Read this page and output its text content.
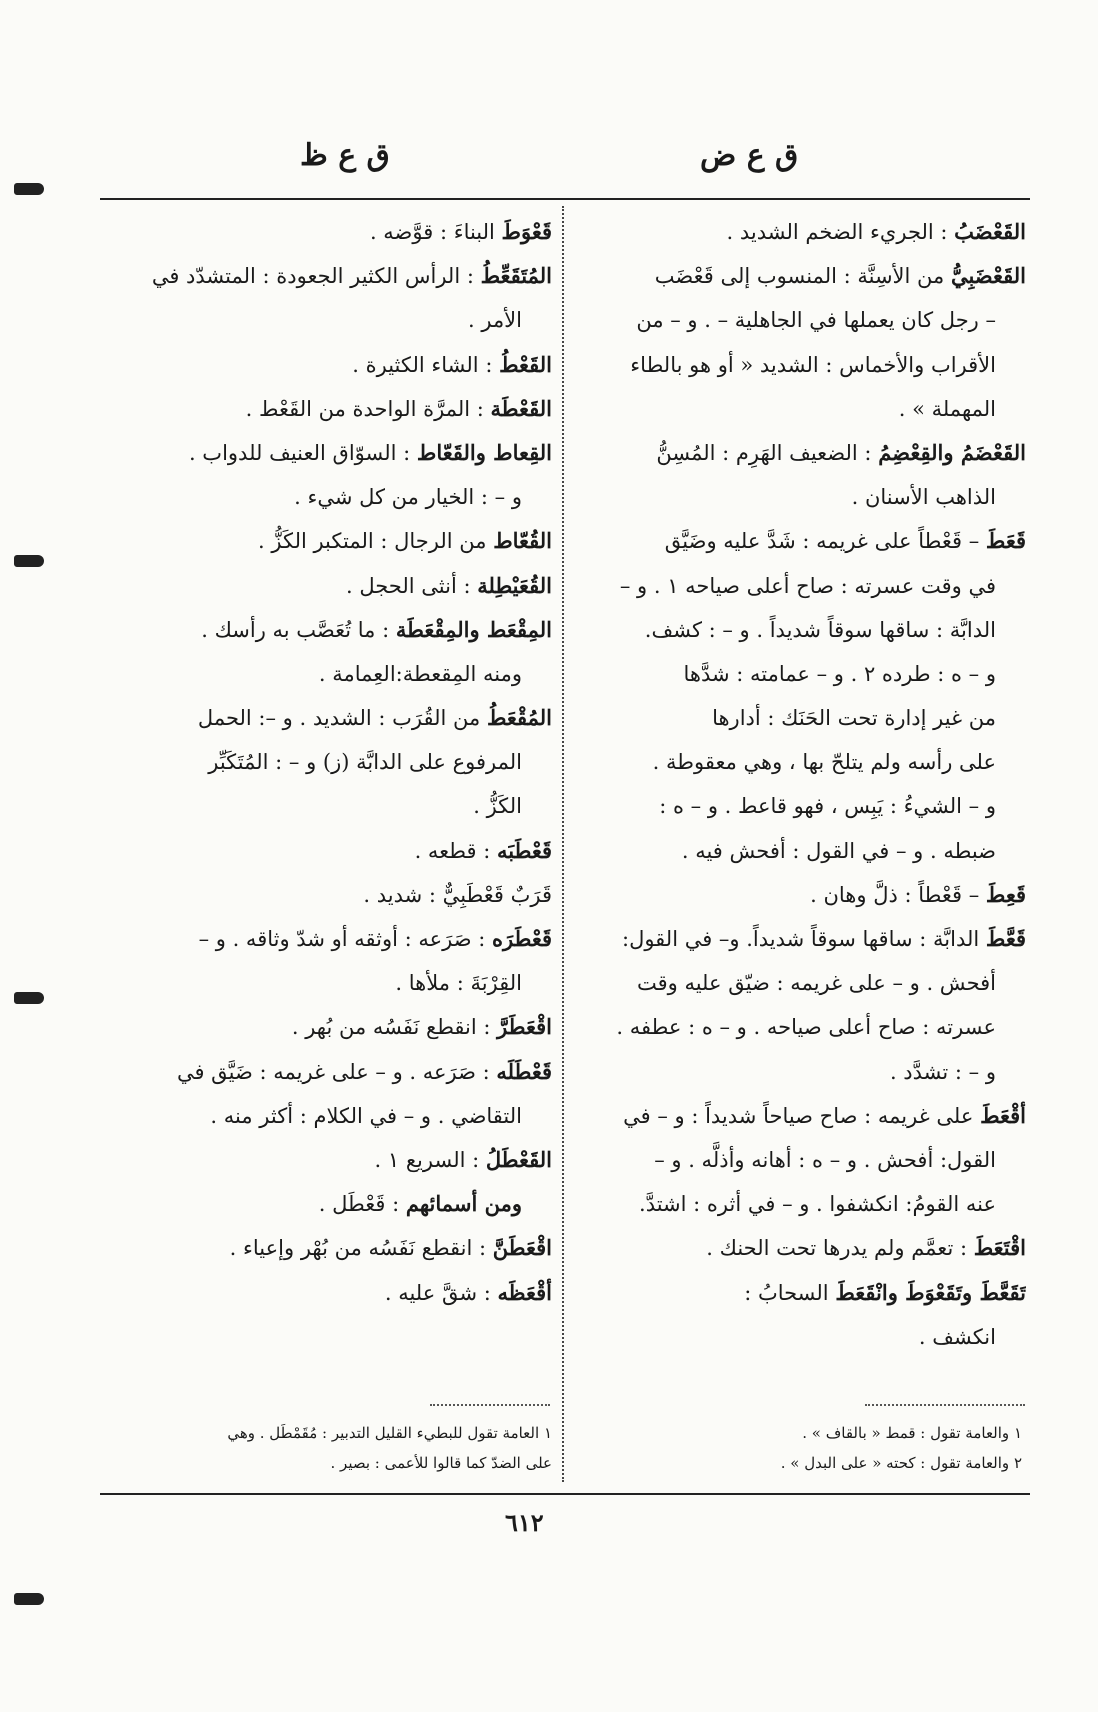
ق ع ض
ق ع ظ
القَعْضَبُ : الجريء الضخم الشديد .
القَعْضَبِيُّ من الأسِنَّة : المنسوب إلى قَعْضَب
– رجل كان يعملها في الجاهلية – . و – من
الأقراب والأخماس : الشديد « أو هو بالطاء
المهملة » .
القَعْضَمُ والقِعْضِمُ : الضعيف الهَرِم : المُسِنُّ
الذاهب الأسنان .
قَعَطَ – قَعْطاً على غريمه : شَدَّ عليه وضَيَّق
في وقت عسرته : صاح أعلى صياحه ١ . و –
الدابَّة : ساقها سوقاً شديداً . و – : كشف.
و – ه : طرده ٢ . و – عمامته : شدَّها
من غير إدارة تحت الحَنَك : أدارها
على رأسه ولم يتلحّ بها ، وهي معقوطة .
و – الشيءُ : يَبِس ، فهو قاعط . و – ه :
ضبطه . و – في القول : أفحش فيه .
قَعِطَ – قَعْطاً : ذلَّ وهان .
قَعَّطَ الدابَّة : ساقها سوقاً شديداً. و– في القول:
أفحش . و – على غريمه : ضيّق عليه وقت
عسرته : صاح أعلى صياحه . و – ه : عطفه .
و – : تشدَّد .
أقْعَطَ على غريمه : صاح صياحاً شديداً : و – في
القول: أفحش . و – ه : أهانه وأذلَّه . و –
عنه القومُ: انكشفوا . و – في أثره : اشتدَّ.
اقْتَعَطَ : تعمَّم ولم يدرها تحت الحنك .
تَقَعَّطَ وتَقَعْوَطَ وانْقَعَطَ السحابُ :
انكشف .
قَعْوَطَ البناءَ : قوَّضه .
المُتَقَعِّطُ : الرأس الكثير الجعودة : المتشدّد في
الأمر .
القَعْطُ : الشاء الكثيرة .
القَعْطَة : المرَّة الواحدة من القَعْط .
القِعاط والقَعّاط : السوّاق العنيف للدواب .
و – : الخيار من كل شيء .
القُعّاط من الرجال : المتكبر الكَزُّ .
القُعَيْطِلة : أنثى الحجل .
المِقْعَط والمِقْعَطَة : ما تُعَصَّب به رأسك .
ومنه المِقعطة:العِمامة .
المُقْعَطُ من القُرَب : الشديد . و –: الحمل
المرفوع على الدابَّة (ز) و – : المُتَكَبِّر
الكَزُّ .
قَعْطَبَه : قطعه .
قَرَبٌ قَعْطَبِيٌّ : شديد .
قَعْطَرَه : صَرَعه : أوثقه أو شدّ وثاقه . و –
القِرْبَةَ : ملأها .
اقْعَطَرَّ : انقطع نَفَسُه من بُهر .
قَعْطَلَه : صَرَعه . و – على غريمه : ضَيَّق في
التقاضي . و – في الكلام : أكثر منه .
القَعْطَلُ : السريع ١ .
ومن أسمائهم : قَعْطَل .
اقْعَطَنَّ : انقطع نَفَسُه من بُهْر وإعياء .
أقْعَظَه : شقَّ عليه .
١ والعامة تقول : قمط « بالقاف » .
٢ والعامة تقول : كحته « على البدل » .
١ العامة تقول للبطيء القليل التدبير : مُقَمْطَل . وهي
على الضدّ كما قالوا للأعمى : بصير .
٦١٢
